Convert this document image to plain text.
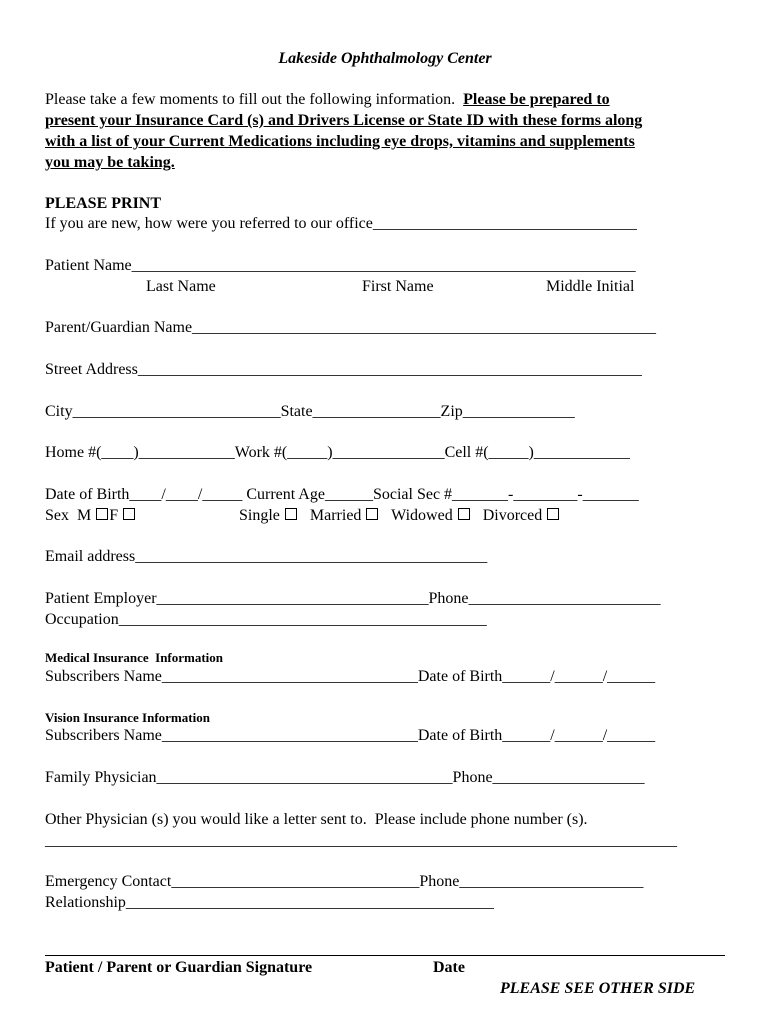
Lakeside Ophthalmology Center
Please take a few moments to fill out the following information.  Please be prepared to
present your Insurance Card (s) and Drivers License or State ID with these forms along
with a list of your Current Medications including eye drops, vitamins and supplements
you may be taking.
PLEASE PRINT
If you are new, how were you referred to our office_________________________________
Patient Name_______________________________________________________________
Last Name	First Name	Middle Initial
Parent/Guardian Name__________________________________________________________
Street Address_______________________________________________________________
City__________________________State________________Zip______________
Home #(____)____________Work #(_____)______________Cell #(_____)____________
Date of Birth____/____/_____ Current Age______Social Sec #_______-________-_______
Sex M F	Single Married Widowed Divorced
Email address____________________________________________
Patient Employer__________________________________Phone________________________
Occupation______________________________________________
Medical Insurance  Information
Subscribers Name________________________________Date of Birth______/______/______
Vision Insurance Information
Subscribers Name________________________________Date of Birth______/______/______
Family Physician_____________________________________Phone___________________
Other Physician (s) you would like a letter sent to.  Please include phone number (s).
_______________________________________________________________________________
Emergency Contact_______________________________Phone_______________________
Relationship______________________________________________
Patient / Parent or Guardian Signature	Date
PLEASE SEE OTHER SIDE
